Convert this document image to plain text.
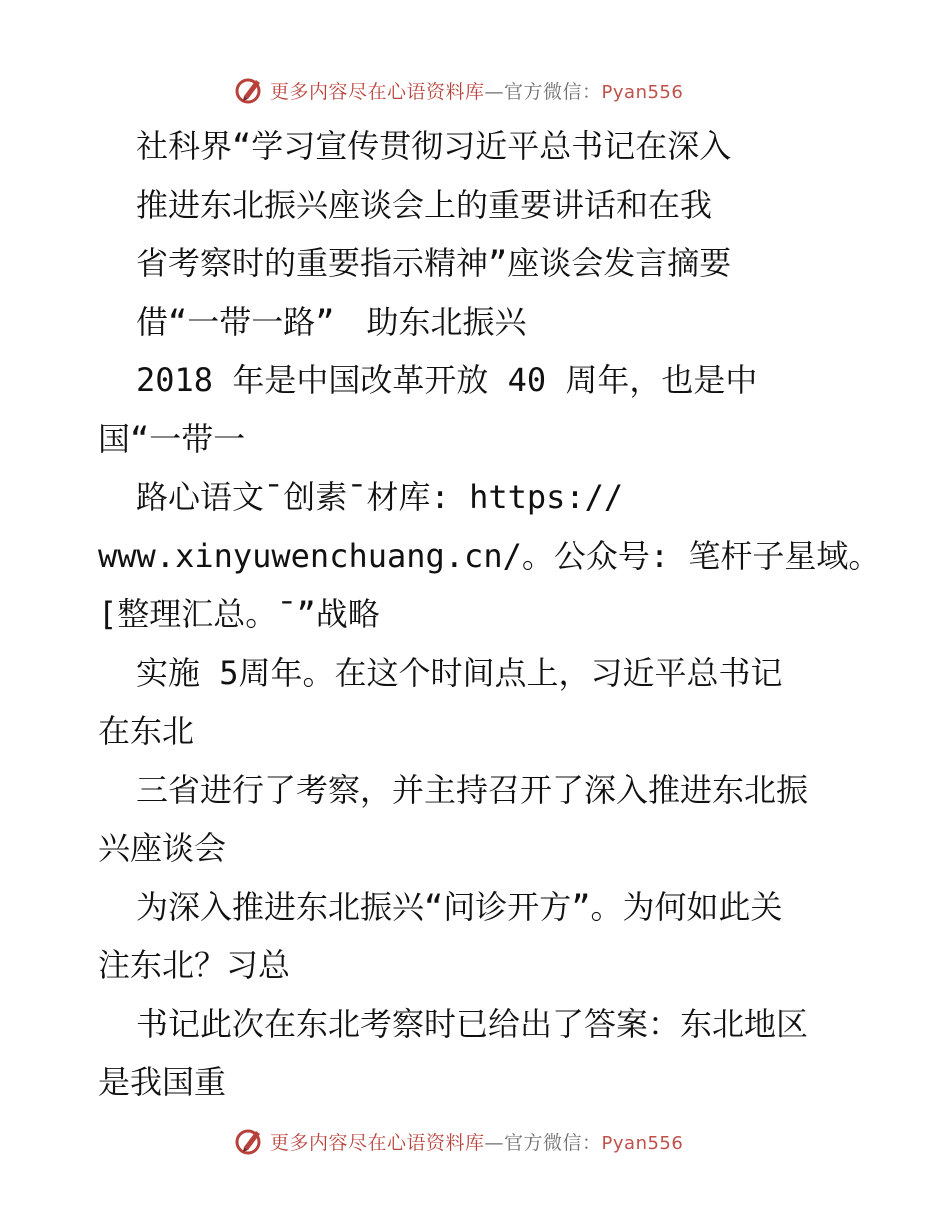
更多内容尽在心语资料库—官方微信：Pyan556
社科界“学习宣传贯彻习近平总书记在深入
推进东北振兴座谈会上的重要讲话和在我
省考察时的重要指示精神”座谈会发言摘要
借“一带一路”　助东北振兴
2018 年是中国改革开放 40 周年，也是中
国“一带一
路心语文¯创素¯材库: https://
www.xinyuwenchuang.cn/。公众号: 笔杆子星域。
[整理汇总。¯”战略
实施 5周年。在这个时间点上，习近平总书记
在东北
三省进行了考察，并主持召开了深入推进东北振
兴座谈会
为深入推进东北振兴“问诊开方”。为何如此关
注东北？习总
书记此次在东北考察时已给出了答案：东北地区
是我国重
更多内容尽在心语资料库—官方微信：Pyan556
